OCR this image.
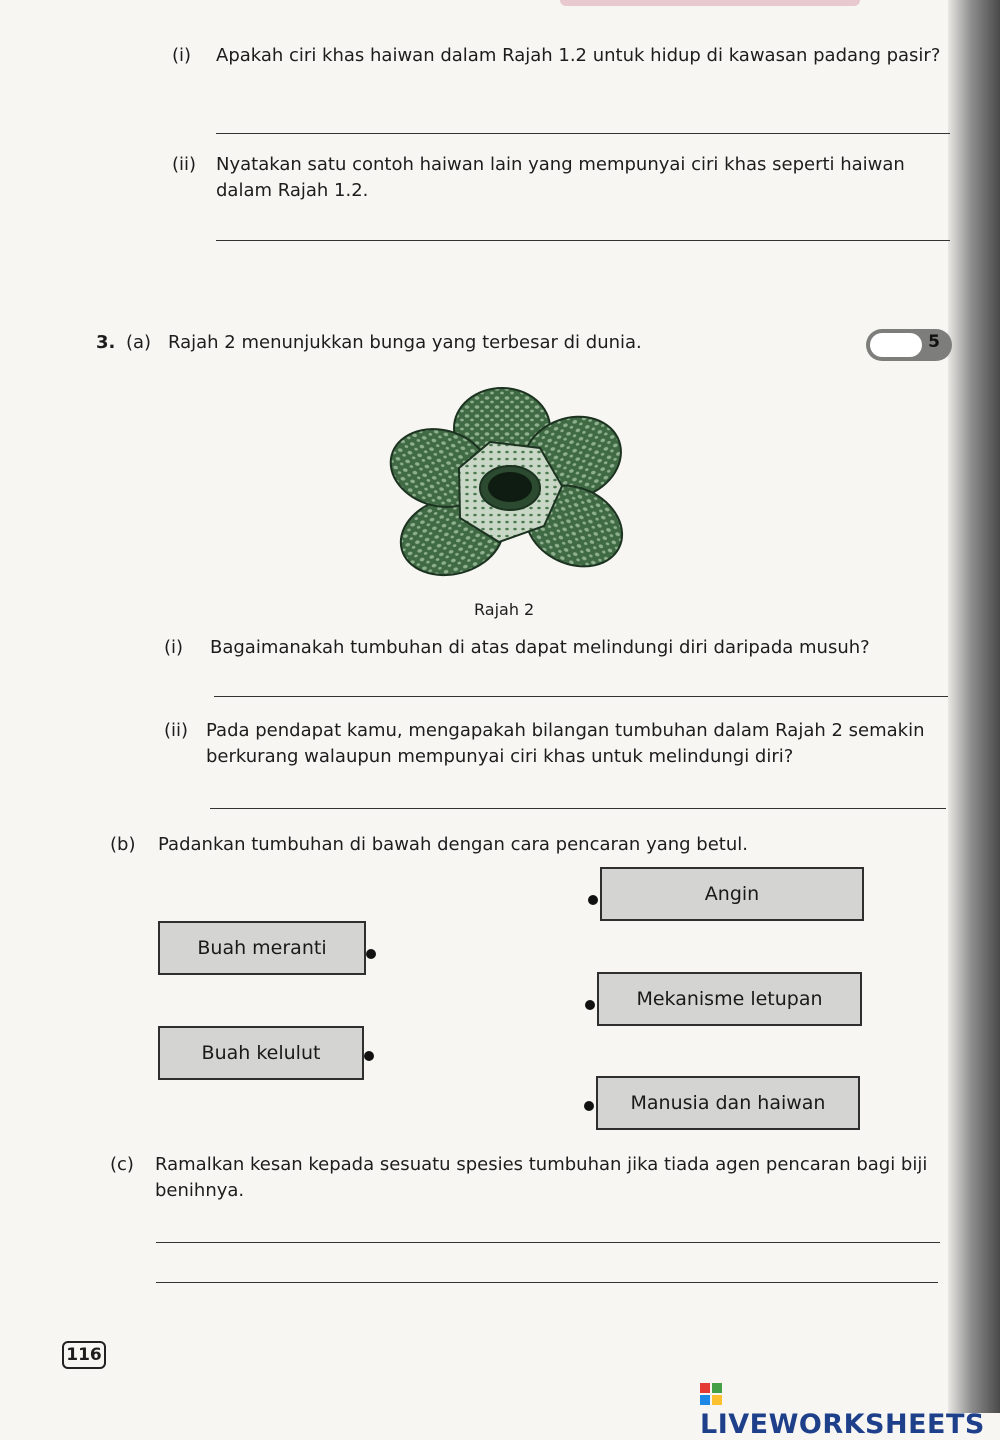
(i) Apakah ciri khas haiwan dalam Rajah 1.2 untuk hidup di kawasan padang pasir?
(ii) Nyatakan satu contoh haiwan lain yang mempunyai ciri khas seperti haiwan dalam Rajah 1.2.
3. (a) Rajah 2 menunjukkan bunga yang terbesar di dunia.	5
Rajah 2
(i) Bagaimanakah tumbuhan di atas dapat melindungi diri daripada musuh?
(ii) Pada pendapat kamu, mengapakah bilangan tumbuhan dalam Rajah 2 semakin berkurang walaupun mempunyai ciri khas untuk melindungi diri?
(b) Padankan tumbuhan di bawah dengan cara pencaran yang betul.
Angin
Buah meranti
Mekanisme letupan
Buah kelulut
Manusia dan haiwan
(c) Ramalkan kesan kepada sesuatu spesies tumbuhan jika tiada agen pencaran bagi biji benihnya.
116
LIVEWORKSHEETS
